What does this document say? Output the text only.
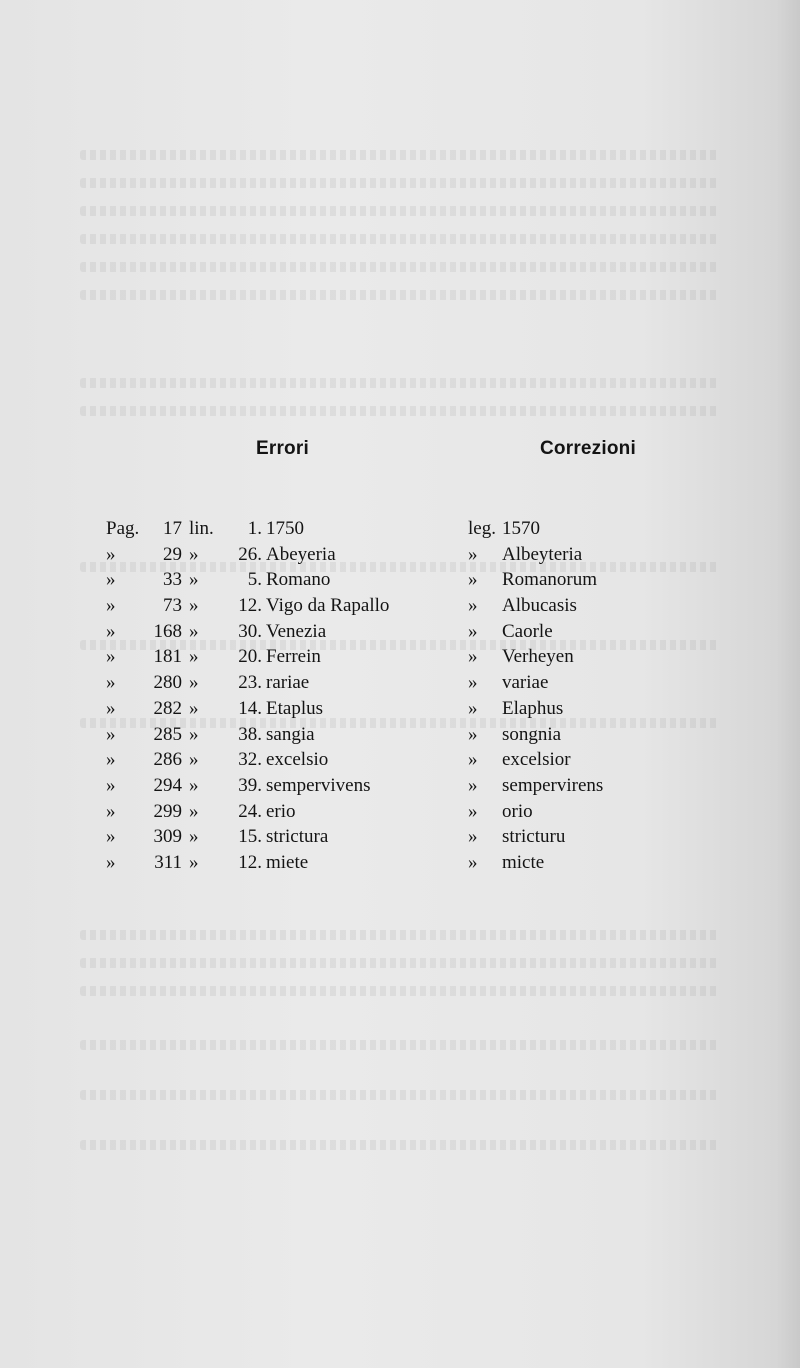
Errori	Correzioni
Pag.	17 lin.	1. 1750	leg. 1570
»	29 »	26. Abeyeria	» Albeyteria
»	33 »	5. Romano	» Romanorum
»	73 »	12. Vigo da Rapallo	» Albucasis
»	168 »	30. Venezia	» Caorle
»	181 »	20. Ferrein	» Verheyen
»	280 »	23. rariae	» variae
»	282 »	14. Etaplus	» Elaphus
»	285 »	38. sangia	» songnia
»	286 »	32. excelsio	» excelsior
»	294 »	39. sempervivens	» sempervirens
»	299 »	24. erio	» orio
»	309 »	15. strictura	» stricturu
»	311 »	12. miete	» micte
